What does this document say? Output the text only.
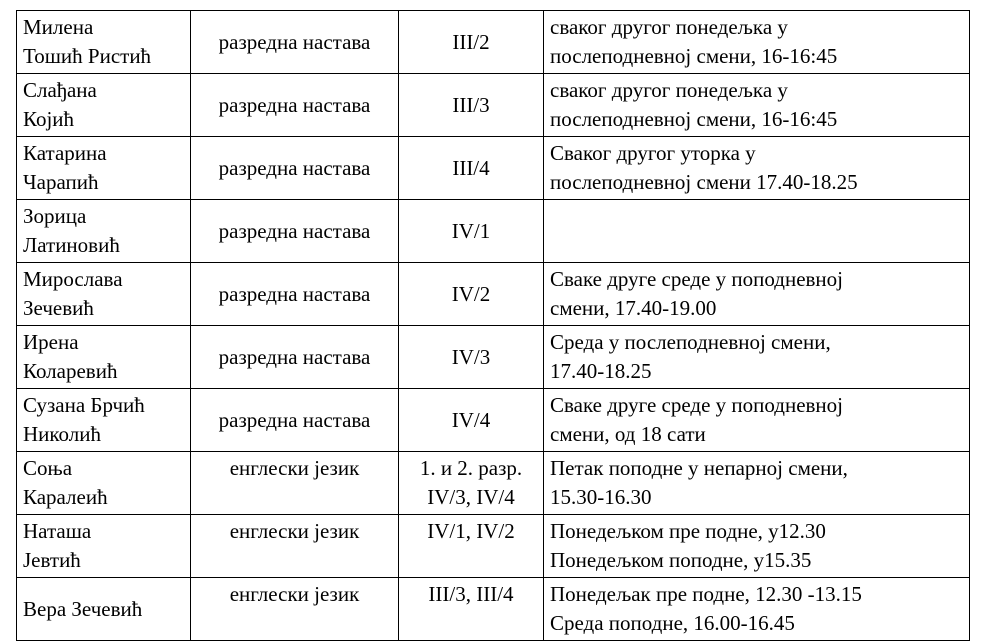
Милена
Тошић Ристић	разредна настава	III/2	сваког другог понедељка у
послеподневној смени, 16-16:45

Слађана
Којић	разредна настава	III/3	сваког другог понедељка у
послеподневној смени, 16-16:45

Катарина
Чарапић	разредна настава	III/4	Сваког другог уторка у
послеподневној смени 17.40-18.25

Зорица
Латиновић	разредна настава	IV/1	

Мирослава
Зечевић	разредна настава	IV/2	Сваке друге среде у поподневној
смени, 17.40-19.00

Ирена
Коларевић	разредна настава	IV/3	Среда у послеподневној смени,
17.40-18.25

Сузана Брчић
Николић	разредна настава	IV/4	Сваке друге среде у поподневној
смени, од 18 сати

Соња
Каралеић	енглески језик	1. и 2. разр.
IV/3, IV/4	Петак поподне у непарној смени,
15.30-16.30

Наташа
Јевтић	енглески језик	IV/1, IV/2	Понедељком пре подне, у12.30
Понедељком поподне, у15.35

Вера Зечевић	енглески језик	III/3, III/4	Понедељак пре подне, 12.30 -13.15
Среда поподне, 16.00-16.45
